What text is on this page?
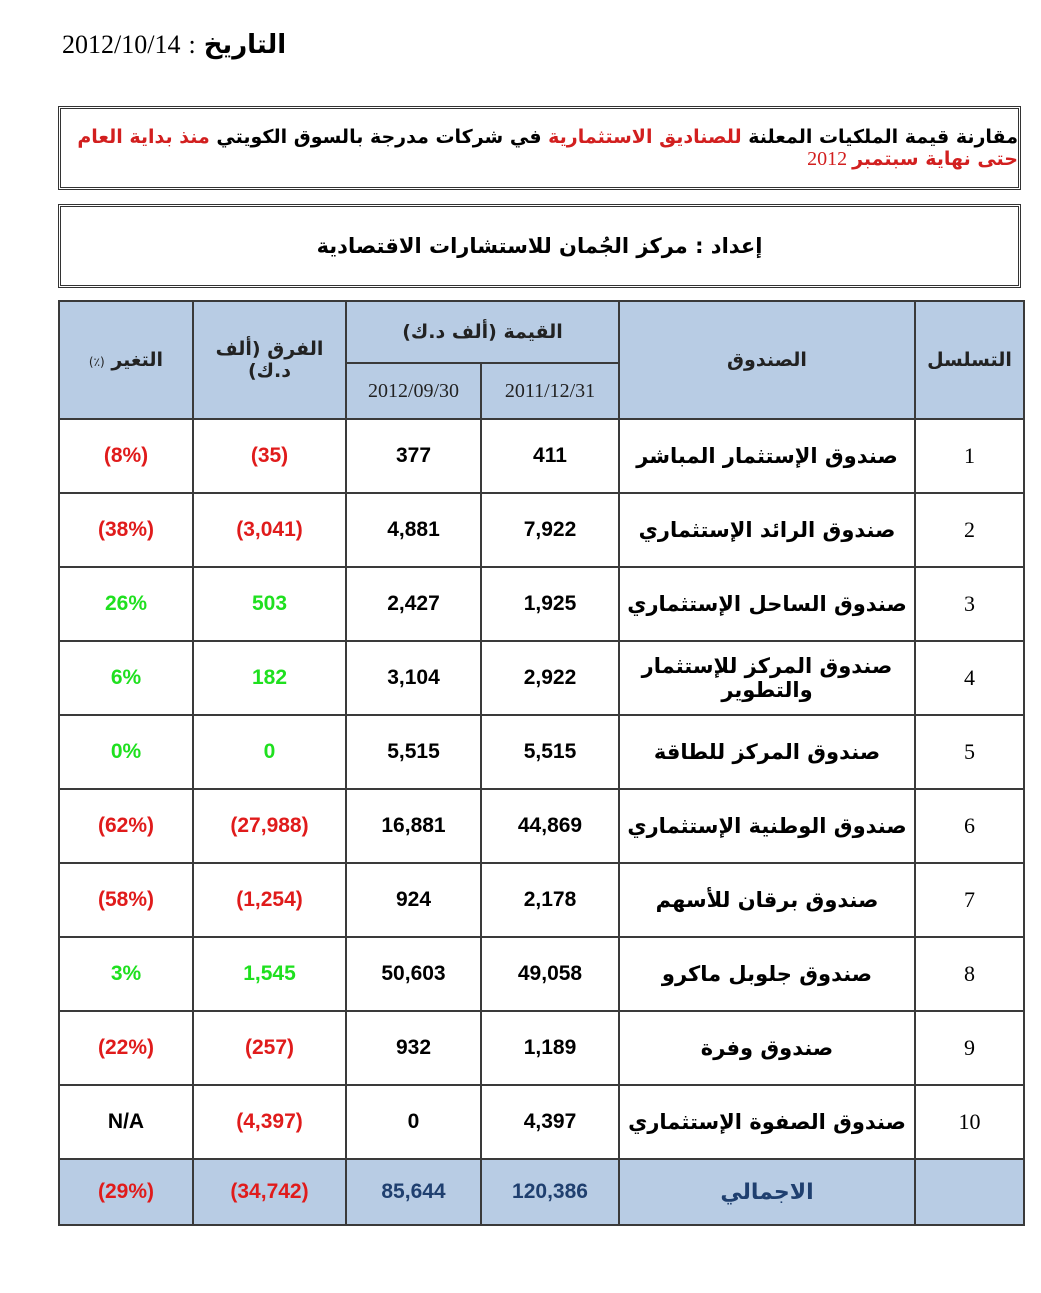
2012/10/14 : التاريخ
مقارنة قيمة الملكيات المعلنة للصناديق الاستثمارية في شركات مدرجة بالسوق الكويتي منذ بداية العام حتى نهاية سبتمبر 2012
إعداد : مركز الجُمان للاستشارات الاقتصادية
التسلسل	الصندوق	القيمة (ألف د.ك)		الفرق (ألف د.ك)	التغير (٪)
		2011/12/31	2012/09/30		
1	صندوق الإستثمار المباشر	411	377	(35)	(8%)
2	صندوق الرائد الإستثماري	7,922	4,881	(3,041)	(38%)
3	صندوق الساحل الإستثماري	1,925	2,427	503	26%
4	صندوق المركز للإستثمار والتطوير	2,922	3,104	182	6%
5	صندوق المركز للطاقة	5,515	5,515	0	0%
6	صندوق الوطنية الإستثماري	44,869	16,881	(27,988)	(62%)
7	صندوق برقان للأسهم	2,178	924	(1,254)	(58%)
8	صندوق جلوبل ماكرو	49,058	50,603	1,545	3%
9	صندوق وفرة	1,189	932	(257)	(22%)
10	صندوق الصفوة الإستثماري	4,397	0	(4,397)	N/A
	الاجمالي	120,386	85,644	(34,742)	(29%)
